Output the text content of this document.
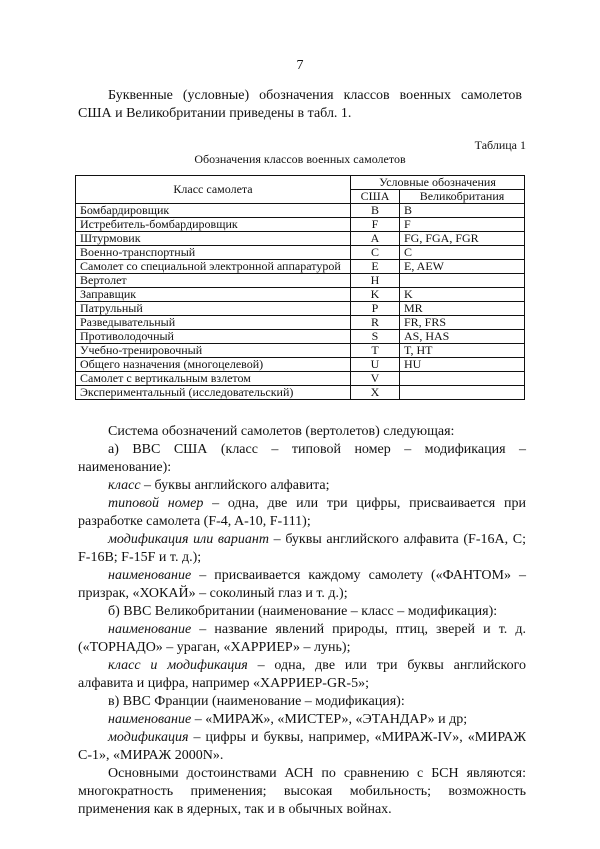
7

Буквенные (условные) обозначения классов военных самолетов США и Великобритании приведены в табл. 1.

Таблица 1
Обозначения классов военных самолетов
Класс самолета	Условные обозначения	
	США	Великобритания
Бомбардировщик	B	B
Истребитель-бомбардировщик	F	F
Штурмовик	A	FG, FGA, FGR
Военно-транспортный	C	C
Самолет со специальной электронной аппаратурой	E	E, AEW
Вертолет	H	
Заправщик	K	K
Патрульный	P	MR
Разведывательный	R	FR, FRS
Противолодочный	S	AS, HAS
Учебно-тренировочный	T	T, HT
Общего назначения (многоцелевой)	U	HU
Самолет с вертикальным взлетом	V	
Экспериментальный (исследовательский)	X	

Система обозначений самолетов (вертолетов) следующая:

а) ВВС США (класс – типовой номер – модификация – наименование):

класс – буквы английского алфавита;

типовой номер – одна, две или три цифры, присваивается при разработке самолета (F-4, A-10, F-111);

модификация или вариант – буквы английского алфавита (F-16А, С; F-16В; F-15F и т. д.);

наименование – присваивается каждому самолету («ФАНТОМ» – призрак, «ХОКАЙ» – соколиный глаз и т. д.);

б) ВВС Великобритании (наименование – класс – модификация):

наименование – название явлений природы, птиц, зверей и т. д. («ТОРНАДО» – ураган, «ХАРРИЕР» – лунь);

класс и модификация – одна, две или три буквы английского алфавита и цифра, например «ХАРРИЕР-GR-5»;

в) ВВС Франции (наименование – модификация):

наименование – «МИРАЖ», «МИСТЕР», «ЭТАНДАР» и др;

модификация – цифры и буквы, например, «МИРАЖ-IV», «МИРАЖ С-1», «МИРАЖ 2000N».

Основными достоинствами АСН по сравнению с БСН являются: многократность применения; высокая мобильность; возможность применения как в ядерных, так и в обычных войнах.
